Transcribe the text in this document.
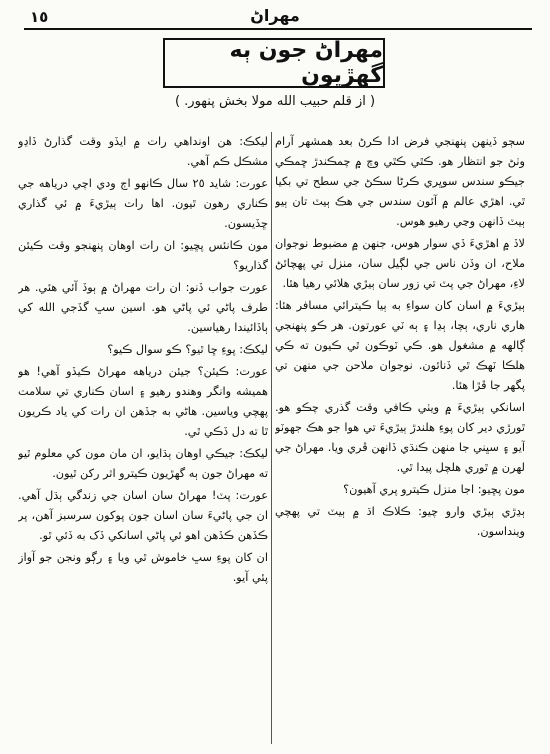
١٥	مهراڻ
مهراڻ جون ٻه گهڙيون
( از قلم حبيب الله مولا بخش پنهور. )

سڄو ڏينهن پنهنجي فرض ادا ڪرڻ بعد همشهر آرام وٺڻ جو انتظار هو. ڪٿي ڪٿي وچ ۾ چمڪندڙ ڇمڪي جيڪو سندس سوڀري ڪرڻا سڪڻ جي سطح تي بکيا ٿي. اهڙي عالم ۾ آئون سندس جي هڪ ٻيٽ تان ٻيو ٻيٽ ڏانهن وڃي رهيو هوس.

لاڏ ۾ اهڙيءَ ڏي سوار هوس، جنهن ۾ مضبوط نوجوان ملاح، ان وڏن ناس جي لڳيل سان، منزل تي پهچائڻ لاءِ، مهراڻ جي پٽ تي زور سان ٻيڙي هلائي رهيا هئا.

ٻيڙيءَ ۾ اسان کان سواءِ به ٻيا ڪيترائي مسافر هئا: هاري ناري، ٻچا، ٻڍا ۽ ٻه ٽي عورتون. هر ڪو پنهنجي ڳالهه ۾ مشغول هو. ڪي ٽوڪون ٿي ڪيون ته ڪي هلڪا ٽهڪ ٿي ڏنائون. نوجوان ملاحن جي منهن تي پگهر جا ڦڙا هئا.

اسانکي ٻيڙيءَ ۾ ويٺي ڪافي وقت گذري چڪو هو. ٿورڙي دير کان پوءِ هلندڙ ٻيڙيءَ تي هوا جو هڪ جهوٽو آيو ۽ سڀني جا منهن ڪنڌي ڏانهن ڦري ويا. مهراڻ جي لهرن ۾ ٿوري هلچل پيدا ٿي.

مون پڇيو: اجا منزل ڪيترو پري آهيون؟

ٻڍڙي ٻيڙي وارو چيو: ڪلاڪ اڌ ۾ ٻيٽ تي پهچي وينداسون.

ليکڪ: هن اونداهي رات ۾ ايڏو وقت گذارڻ ڏاڍو مشڪل ڪم آهي.

عورت: شايد ٢٥ سال ڪانهو اڄ ودي اچي درياهه جي ڪناري رهون ٿيون. اها رات ٻيڙيءَ ۾ ئي گذاري ڇڏيسون.

مون ڪانئس پڇيو: ان رات اوهان پنهنجو وقت ڪيئن گذاريو؟

عورت جواب ڏنو: ان رات مهراڻ ۾ ٻوڏ آئي هئي. هر طرف پاڻي ئي پاڻي هو. اسين سڀ گڏجي الله کي ٻاڏائيندا رهياسين.

ليکڪ: پوءِ ڇا ٿيو؟ ڪو سوال ڪيو؟

عورت: ڪيئن؟ جيئن درياهه مهراڻ ڪيڏو آهي! هو هميشه وانگر وهندو رهيو ۽ اسان ڪناري تي سلامت پهچي وياسين. هاڻي به جڏهن ان رات کي ياد ڪريون ٿا ته دل ڏڪي ٿي.

ليکڪ: جيڪي اوهان ٻڌايو، ان مان مون کي معلوم ٿيو ته مهراڻ جون ٻه گهڙيون ڪيترو اثر رکن ٿيون.

عورت: پٽ! مهراڻ سان اسان جي زندگي ٻڌل آهي. ان جي پاڻيءَ سان اسان جون پوکون سرسبز آهن، پر ڪڏهن ڪڏهن اهو ئي پاڻي اسانکي ڏک به ڏئي ٿو.

ان کان پوءِ سڀ خاموش ٿي ويا ۽ رڳو ونجن جو آواز پئي آيو.
